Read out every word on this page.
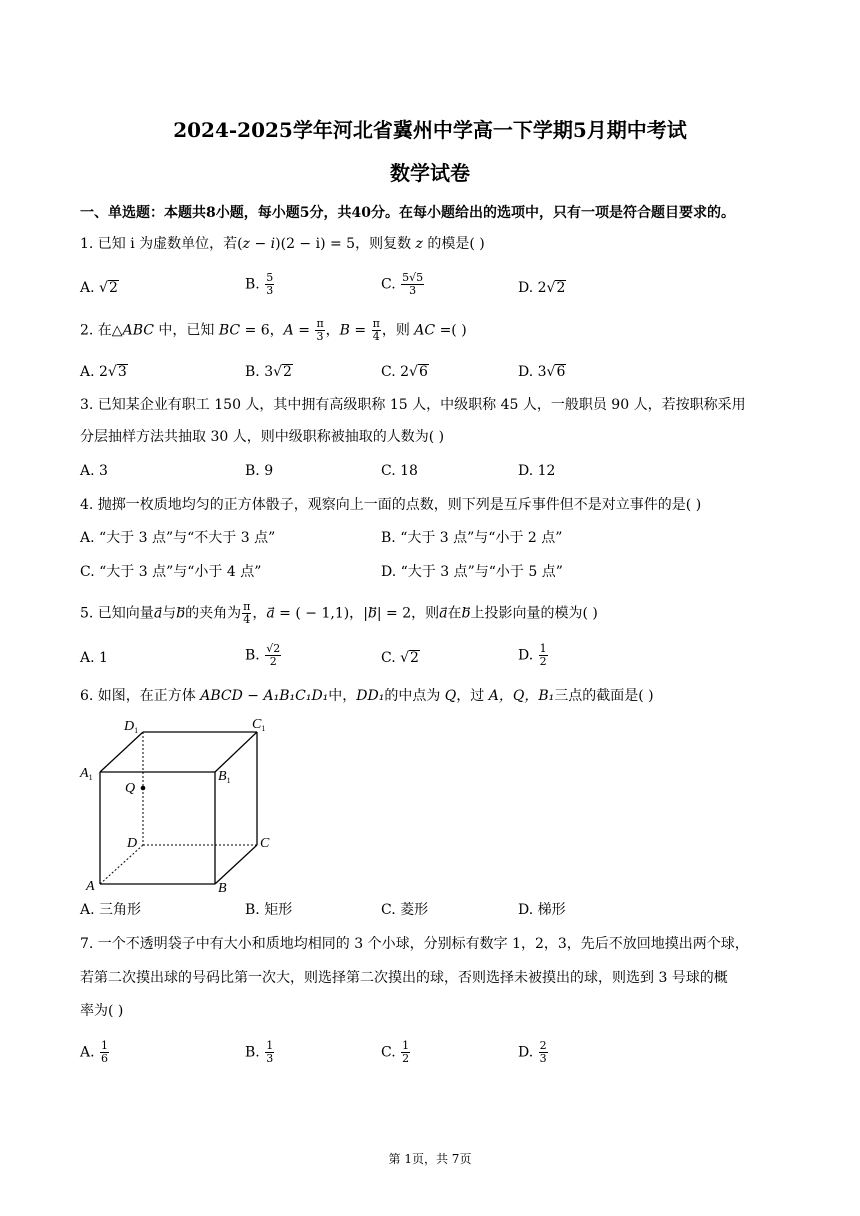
2024-2025学年河北省冀州中学高一下学期5月期中考试
数学试卷
一、单选题：本题共8小题，每小题5分，共40分。在每小题给出的选项中，只有一项是符合题目要求的。
1. 已知 i 为虚数单位，若(z − i)(2 − i) = 5，则复数 z 的模是( )
A. √2	B. $\frac{5}{3}$	C. $\frac{5√5}{3}$	D. 2√2
2. 在△ABC 中，已知 BC = 6，$A = \frac{\pi}{3}$ ，$B = \frac{\pi}{4}$ ，则 AC =( )
A. 2√3	B. 3√2	C. 2√6	D. 3√6
3. 已知某企业有职工 150 人，其中拥有高级职称 15 人，中级职称 45 人，一般职员 90 人，若按职称采用
分层抽样方法共抽取 30 人，则中级职称被抽取的人数为( )
A. 3	B. 9	C. 18	D. 12
4. 抛掷一枚质地均匀的正方体骰子，观察向上一面的点数，则下列是互斥事件但不是对立事件的是( )
A. “大于 3 点”与“不大于 3 点”	B. “大于 3 点”与“小于 2 点”
C. “大于 3 点”与“小于 4 点”	D. “大于 3 点”与“小于 5 点”
5. 已知向量a与b的夹角为 $\frac{\pi}{4}$ ，a = ( − 1,1)，|b⃗| = 2，则a在b上投影向量的模为( )
A. 1	B. $\frac{√2}{2}$	C. √2	D. $\frac{1}{2}$
6. 如图，在正方体 ABCD − A₁B₁C₁D₁中，DD₁的中点为 Q，过 A，Q，B₁三点的截面是( )
$D_1$	$C_1$
$A_1$	$B_1$
Q
D	C
A	B
A. 三角形	B. 矩形	C. 菱形	D. 梯形
7. 一个不透明袋子中有大小和质地均相同的 3 个小球，分别标有数字 1，2，3，先后不放回地摸出两个球，
若第二次摸出球的号码比第一次大，则选择第二次摸出的球，否则选择未被摸出的球，则选到 3 号球的概
率为( )
A. $\frac{1}{6}$	B. $\frac{1}{3}$	C. $\frac{1}{2}$	D. $\frac{2}{3}$
第 1页，共 7页
